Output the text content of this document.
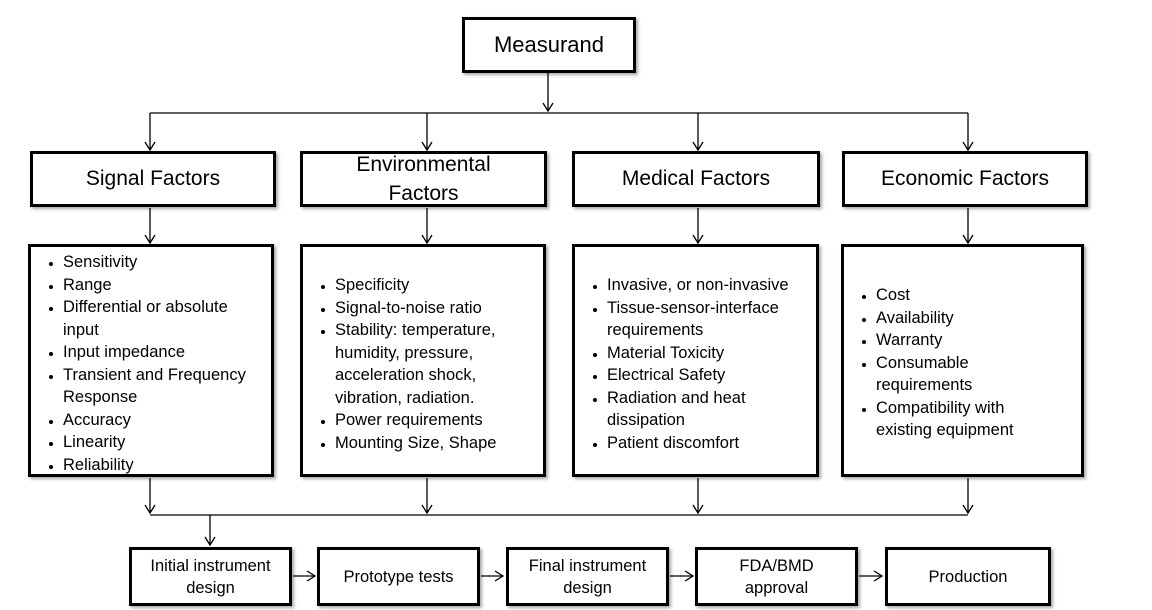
Measurand
Signal Factors
Environmental Factors
Medical Factors	Economic Factors
• Sensitivity
• Range
• Differential or absolute input
• Input impedance
• Transient and Frequency Response
• Accuracy
• Linearity
• Reliability
• Specificity
• Signal-to-noise ratio
• Stability: temperature, humidity, pressure, acceleration shock, vibration, radiation.
• Power requirements
• Mounting Size, Shape
• Invasive, or non-invasive
• Tissue-sensor-interface requirements
• Material Toxicity
• Electrical Safety
• Radiation and heat dissipation
• Patient discomfort
• Cost
• Availability
• Warranty
• Consumable requirements
• Compatibility with existing equipment
Initial instrument design
Prototype tests
Final instrument design
FDA/BMD approval
Production
